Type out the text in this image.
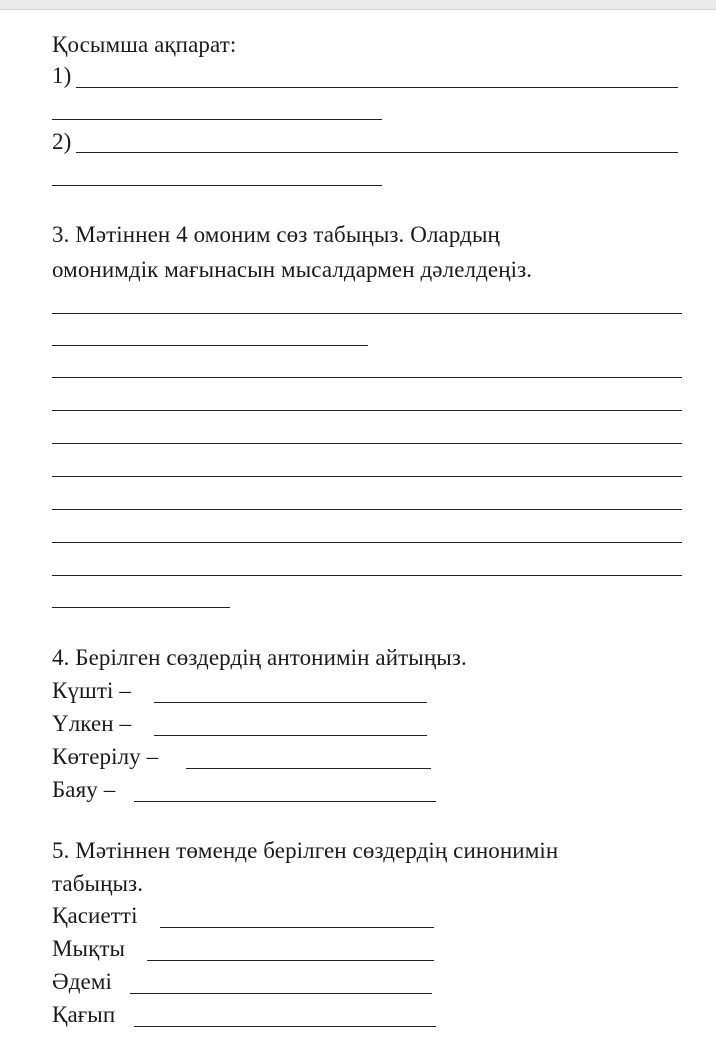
Қосымша ақпарат:
1)
2)
3. Мәтіннен 4 омоним сөз табыңыз. Олардың
омонимдік мағынасын мысалдармен дәлелдеңіз.
4. Берілген сөздердің антонимін айтыңыз.
Күшті –
Үлкен –
Көтерілу –
Баяу –
5. Мәтіннен төменде берілген сөздердің синонимін
табыңыз.
Қасиетті
Мықты
Әдемі
Қағып
